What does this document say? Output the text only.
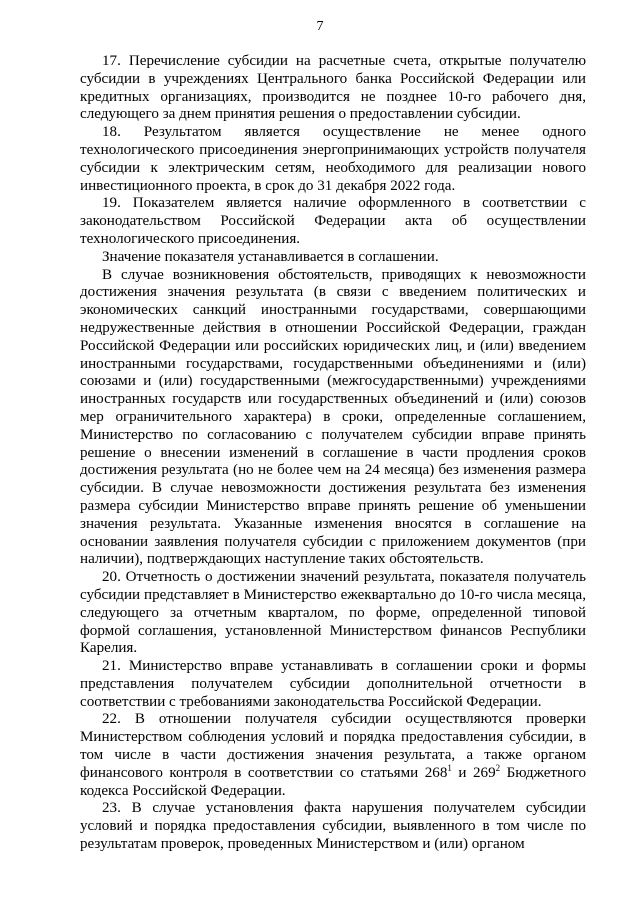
7

17. Перечисление субсидии на расчетные счета, открытые получателю субсидии в учреждениях Центрального банка Российской Федерации или кредитных организациях, производится не позднее 10-го рабочего дня, следующего за днем принятия решения о предоставлении субсидии.

18. Результатом является осуществление не менее одного технологического присоединения энергопринимающих устройств получателя субсидии к электрическим сетям, необходимого для реализации нового инвестиционного проекта, в срок до 31 декабря 2022 года.

19. Показателем является наличие оформленного в соответствии с законодательством Российской Федерации акта об осуществлении технологического присоединения.

Значение показателя устанавливается в соглашении.

В случае возникновения обстоятельств, приводящих к невозможности достижения значения результата (в связи с введением политических и экономических санкций иностранными государствами, совершающими недружественные действия в отношении Российской Федерации, граждан Российской Федерации или российских юридических лиц, и (или) введением иностранными государствами, государственными объединениями и (или) союзами и (или) государственными (межгосударственными) учреждениями иностранных государств или государственных объединений и (или) союзов мер ограничительного характера) в сроки, определенные соглашением, Министерство по согласованию с получателем субсидии вправе принять решение о внесении изменений в соглашение в части продления сроков достижения результата (но не более чем на 24 месяца) без изменения размера субсидии. В случае невозможности достижения результата без изменения размера субсидии Министерство вправе принять решение об уменьшении значения результата. Указанные изменения вносятся в соглашение на основании заявления получателя субсидии с приложением документов (при наличии), подтверждающих наступление таких обстоятельств.

20. Отчетность о достижении значений результата, показателя получатель субсидии представляет в Министерство ежеквартально до 10-го числа месяца, следующего за отчетным кварталом, по форме, определенной типовой формой соглашения, установленной Министерством финансов Республики Карелия.

21. Министерство вправе устанавливать в соглашении сроки и формы представления получателем субсидии дополнительной отчетности в соответствии с требованиями законодательства Российской Федерации.

22. В отношении получателя субсидии осуществляются проверки Министерством соблюдения условий и порядка предоставления субсидии, в том числе в части достижения значения результата, а также органом финансового контроля в соответствии со статьями $268^1$ и $269^2$ Бюджетного кодекса Российской Федерации.

23. В случае установления факта нарушения получателем субсидии условий и порядка предоставления субсидии, выявленного в том числе по результатам проверок, проведенных Министерством и (или) органом
